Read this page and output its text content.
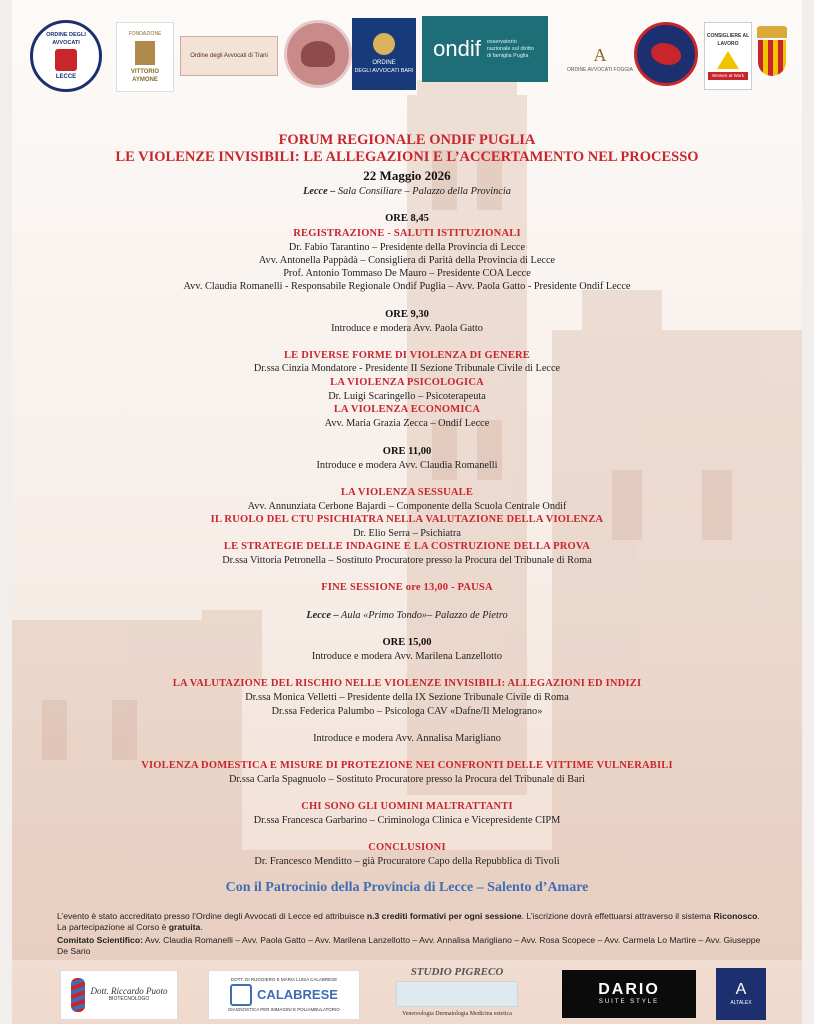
ORDINE DEGLI AVVOCATI
LECCE
FONDAZIONE
VITTORIO AYMONE
Ordine degli Avvocati di Trani
ORDINE
DEGLI AVVOCATI BARI
ondif osservatorio nazionale sul diritto di famiglia Puglia	A
ORDINE AVVOCATI FOGGIA
CONSIGLIERE AL LAVORO
Women at Work
FORUM REGIONALE ONDIF PUGLIA
LE VIOLENZE INVISIBILI: LE ALLEGAZIONI E L’ACCERTAMENTO NEL PROCESSO
22 Maggio 2026
Lecce – Sala Consiliare – Palazzo della Provincia
ORE 8,45
REGISTRAZIONE - SALUTI ISTITUZIONALI
Dr. Fabio Tarantino – Presidente della Provincia di Lecce
Avv. Antonella Pappàdà – Consigliera di Parità della Provincia di Lecce
Prof. Antonio Tommaso De Mauro – Presidente COA Lecce
Avv. Claudia Romanelli - Responsabile Regionale Ondif Puglia – Avv. Paola Gatto - Presidente Ondif Lecce
ORE 9,30
Introduce e modera Avv. Paola Gatto
LE DIVERSE FORME DI VIOLENZA DI GENERE
Dr.ssa Cinzia Mondatore - Presidente II Sezione Tribunale Civile di Lecce
LA VIOLENZA PSICOLOGICA
Dr. Luigi Scaringello – Psicoterapeuta
LA VIOLENZA ECONOMICA
Avv. Maria Grazia Zecca – Ondif Lecce
ORE 11,00
Introduce e modera Avv. Claudia Romanelli
LA VIOLENZA SESSUALE
Avv. Annunziata Cerbone Bajardi – Componente della Scuola Centrale Ondif
IL RUOLO DEL CTU PSICHIATRA NELLA VALUTAZIONE DELLA VIOLENZA
Dr. Elio Serra – Psichiatra
LE STRATEGIE DELLE INDAGINE E LA COSTRUZIONE DELLA PROVA
Dr.ssa Vittoria Petronella – Sostituto Procuratore presso la Procura del Tribunale di Roma
FINE SESSIONE ore 13,00 - PAUSA
Lecce – Aula «Primo Tondo»– Palazzo de Pietro
ORE 15,00
Introduce e modera Avv. Marilena Lanzellotto
LA VALUTAZIONE DEL RISCHIO NELLE VIOLENZE INVISIBILI: ALLEGAZIONI ED INDIZI
Dr.ssa Monica Velletti – Presidente della IX Sezione Tribunale Civile di Roma
Dr.ssa Federica Palumbo – Psicologa CAV «Dafne/Il Melograno»
Introduce e modera Avv. Annalisa Marigliano
VIOLENZA DOMESTICA E MISURE DI PROTEZIONE NEI CONFRONTI DELLE VITTIME VULNERABILI
Dr.ssa Carla Spagnuolo – Sostituto Procuratore presso la Procura del Tribunale di Bari
CHI SONO GLI UOMINI MALTRATTANTI
Dr.ssa Francesca Garbarino – Criminologa Clinica e Vicepresidente CIPM
CONCLUSIONI
Dr. Francesco Menditto – già Procuratore Capo della Repubblica di Tivoli
Con il Patrocinio della Provincia di Lecce – Salento d’Amare
L’evento è stato accreditato presso l’Ordine degli Avvocati di Lecce ed attribuisce n.3 crediti formativi per ogni sessione. L’iscrizione dovrà effettuarsi attraverso il sistema Riconosco. La partecipazione al Corso è gratuita.
Comitato Scientifico: Avv. Claudia Romanelli – Avv. Paola Gatto – Avv. Marilena Lanzellotto – Avv. Annalisa Marigliano – Avv. Rosa Scopece – Avv. Carmela Lo Martire – Avv. Giuseppe De Sario
Dott. Riccardo Puoto
BIOTECNOLOGO
DOTT. DI RUGGIERO E MARIA LUISA CALABRESE
CALABRESE
DIAGNOSTICA PER IMMAGINI E POLIAMBULATORIO
STUDIO PIGRECO
Venereologia Dermatologia Medicina estetica
DARIO
SUITE STYLE
A
ALTALEX
